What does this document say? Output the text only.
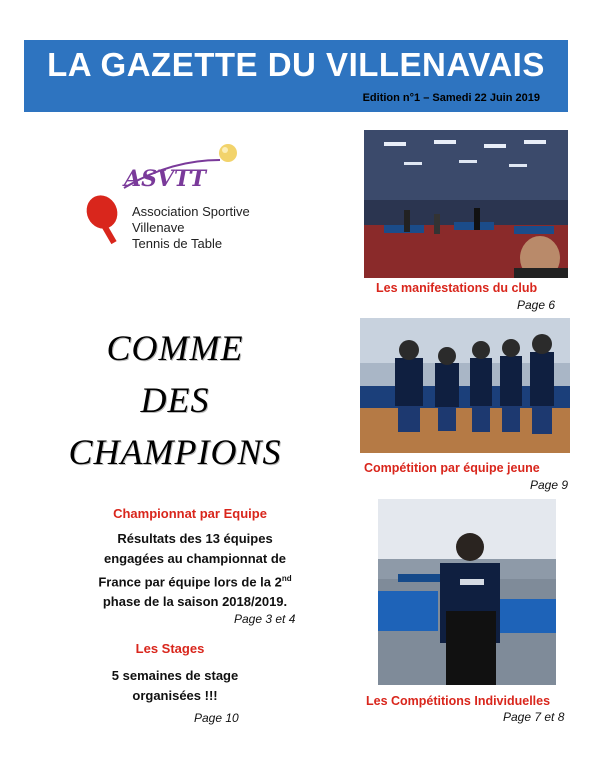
LA GAZETTE DU VILLENAVAIS
Edition n°1 – Samedi 22 Juin 2019
ASVTT
Association Sportive Villenave
Tennis de Table
COMME
DES
CHAMPIONS
Championnat par Equipe
Résultats des 13 équipes
engagées au championnat de
France par équipe lors de la 2nd
phase de la saison 2018/2019.
Page 3 et 4
Les Stages
5 semaines de stage
organisées !!!
Page 10
Les manifestations du club
Page 6
Compétition par équipe jeune
Page 9
Les Compétitions Individuelles
Page 7 et 8
